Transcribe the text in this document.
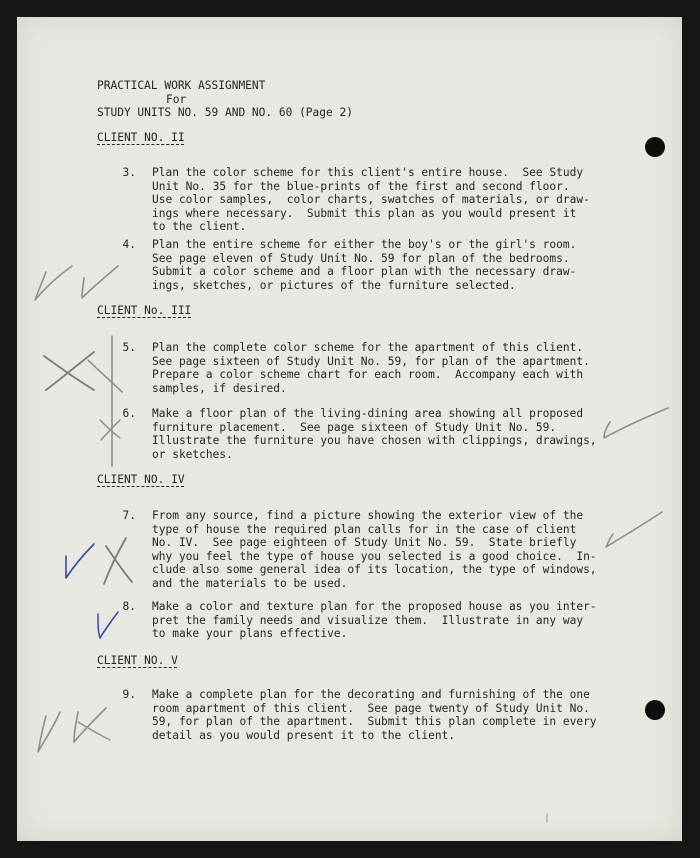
PRACTICAL WORK ASSIGNMENT
For
STUDY UNITS NO. 59 AND NO. 60 (Page 2)
CLIENT NO. II
3. Plan the color scheme for this client's entire house.  See Study
Unit No. 35 for the blue-prints of the first and second floor.
Use color samples,  color charts, swatches of materials, or draw-
ings where necessary.  Submit this plan as you would present it
to the client.
4. Plan the entire scheme for either the boy's or the girl's room.
See page eleven of Study Unit No. 59 for plan of the bedrooms.
Submit a color scheme and a floor plan with the necessary draw-
ings, sketches, or pictures of the furniture selected.
CLIENT No. III
5. Plan the complete color scheme for the apartment of this client.
See page sixteen of Study Unit No. 59, for plan of the apartment.
Prepare a color scheme chart for each room.  Accompany each with
samples, if desired.
6. Make a floor plan of the living-dining area showing all proposed
furniture placement.  See page sixteen of Study Unit No. 59.
Illustrate the furniture you have chosen with clippings, drawings,
or sketches.
CLIENT NO. IV
7. From any source, find a picture showing the exterior view of the
type of house the required plan calls for in the case of client
No. IV.  See page eighteen of Study Unit No. 59.  State briefly
why you feel the type of house you selected is a good choice.  In-
clude also some general idea of its location, the type of windows,
and the materials to be used.
8. Make a color and texture plan for the proposed house as you inter-
pret the family needs and visualize them.  Illustrate in any way
to make your plans effective.
CLIENT NO. V
9. Make a complete plan for the decorating and furnishing of the one
room apartment of this client.  See page twenty of Study Unit No.
59, for plan of the apartment.  Submit this plan complete in every
detail as you would present it to the client.
